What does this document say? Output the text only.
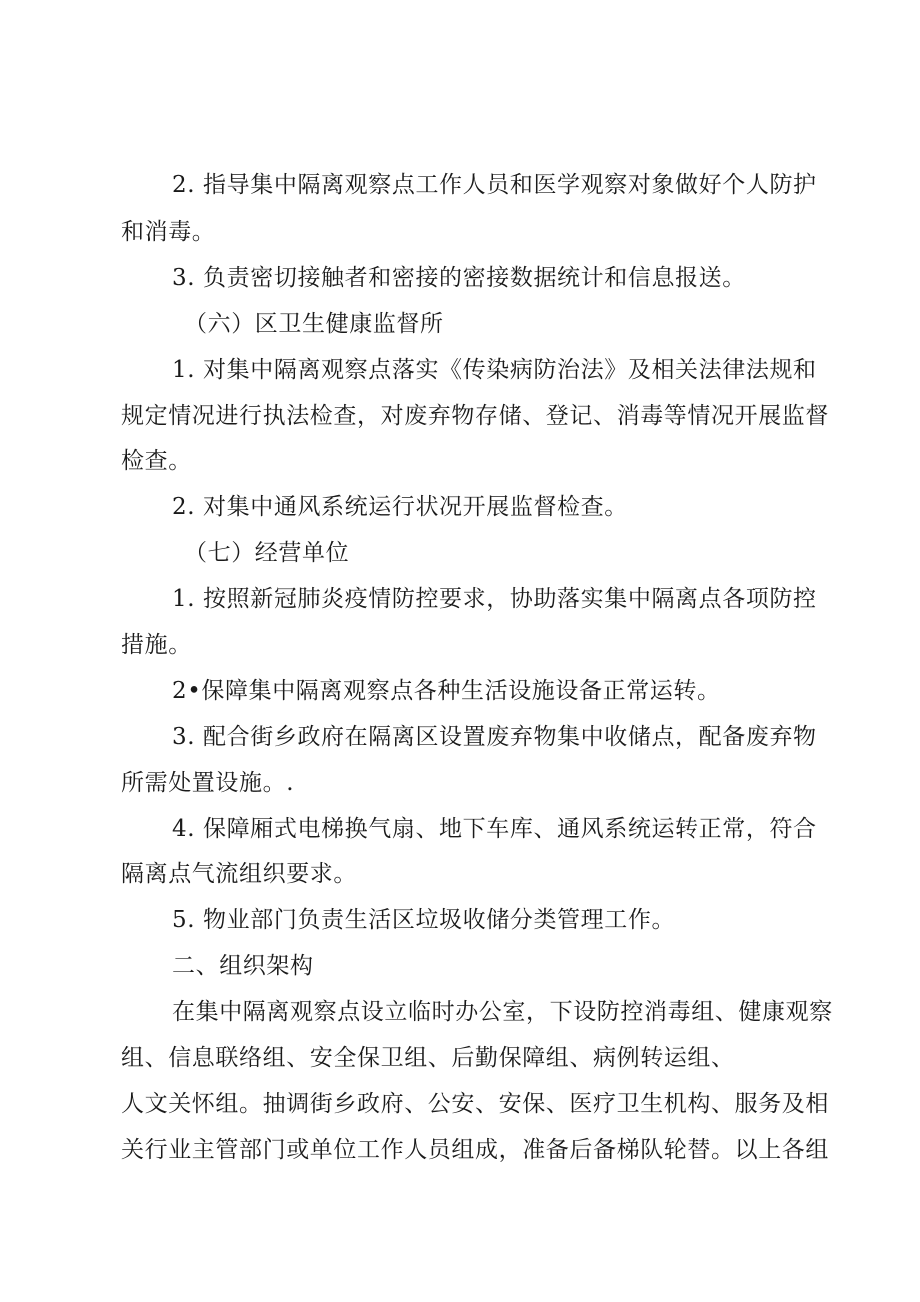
2. 指导集中隔离观察点工作人员和医学观察对象做好个人防护
和消毒。
3. 负责密切接触者和密接的密接数据统计和信息报送。
（六）区卫生健康监督所
1. 对集中隔离观察点落实《传染病防治法》及相关法律法规和
规定情况进行执法检查，对废弃物存储、登记、消毒等情况开展监督
检查。
2. 对集中通风系统运行状况开展监督检查。
（七）经营单位
1. 按照新冠肺炎疫情防控要求，协助落实集中隔离点各项防控
措施。
2•保障集中隔离观察点各种生活设施设备正常运转。
3. 配合街乡政府在隔离区设置废弃物集中收储点，配备废弃物
所需处置设施。.
4. 保障厢式电梯换气扇、地下车库、通风系统运转正常，符合
隔离点气流组织要求。
5. 物业部门负责生活区垃圾收储分类管理工作。
二、组织架构
在集中隔离观察点设立临时办公室，下设防控消毒组、健康观察
组、信息联络组、安全保卫组、后勤保障组、病例转运组、
人文关怀组。抽调街乡政府、公安、安保、医疗卫生机构、服务及相
关行业主管部门或单位工作人员组成，准备后备梯队轮替。以上各组
